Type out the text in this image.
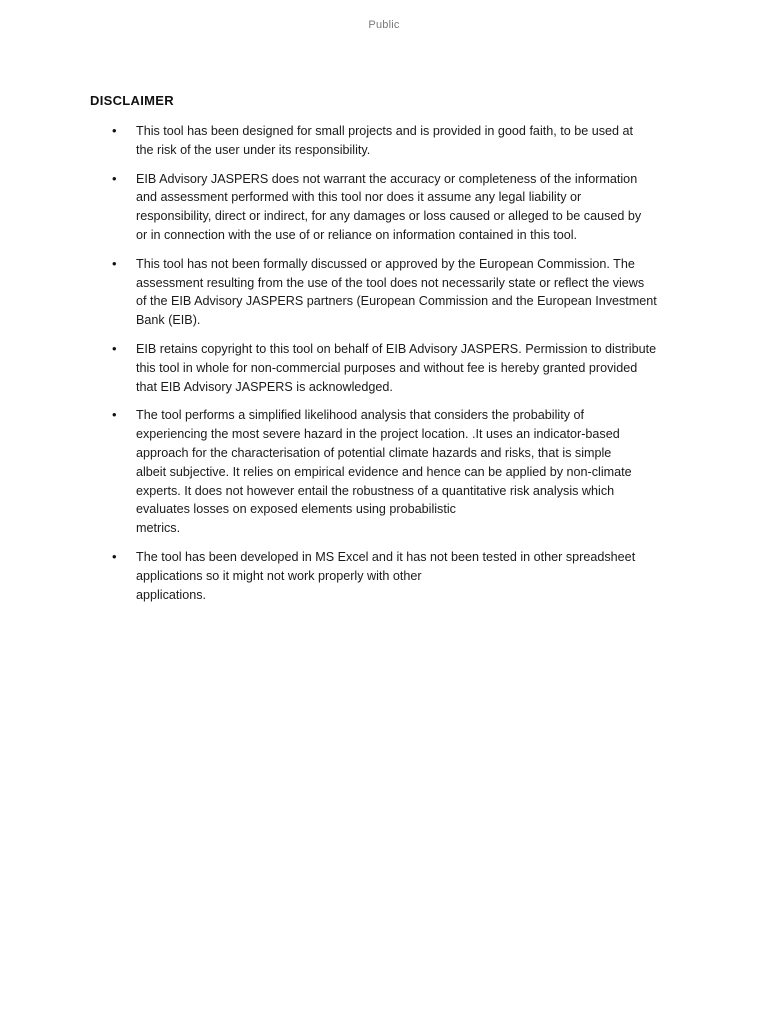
Public
DISCLAIMER
• This tool has been designed for small projects and is provided in good faith, to be used at
the risk of the user under its responsibility.
• EIB Advisory JASPERS does not warrant the accuracy or completeness of the information
and assessment performed with this tool nor does it assume any legal liability or
responsibility, direct or indirect, for any damages or loss caused or alleged to be caused by
or in connection with the use of or reliance on information contained in this tool.
• This tool has not been formally discussed or approved by the European Commission. The
assessment resulting from the use of the tool does not necessarily state or reflect the views
of the EIB Advisory JASPERS partners (European Commission and the European Investment
Bank (EIB).
• EIB retains copyright to this tool on behalf of EIB Advisory JASPERS. Permission to distribute
this tool in whole for non-commercial purposes and without fee is hereby granted provided
that EIB Advisory JASPERS is acknowledged.
• The tool performs a simplified likelihood analysis that considers the probability of
experiencing the most severe hazard in the project location. .It uses an indicator-based
approach for the characterisation of potential climate hazards and risks, that is simple
albeit subjective. It relies on empirical evidence and hence can be applied by non-climate
experts. It does not however entail the robustness of a quantitative risk analysis which
evaluates losses on exposed elements using probabilistic
metrics.
• The tool has been developed in MS Excel and it has not been tested in other spreadsheet
applications so it might not work properly with other
applications.
